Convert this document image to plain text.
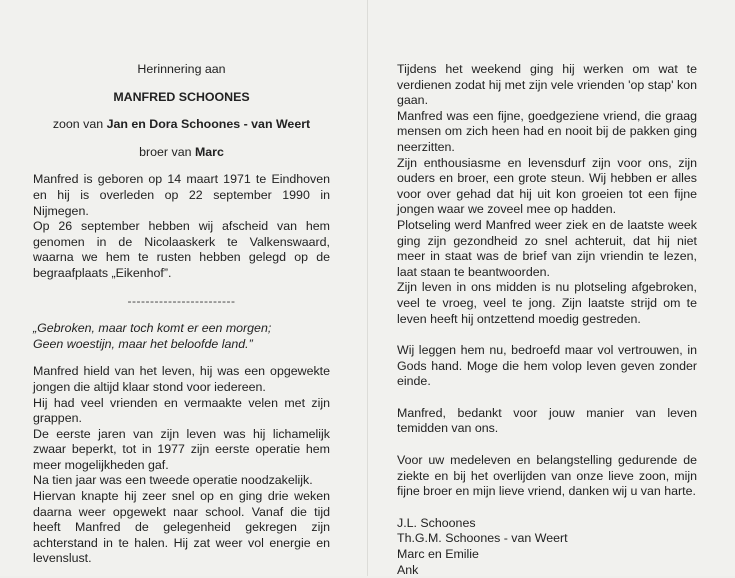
Herinnering aan

MANFRED SCHOONES

zoon van Jan en Dora Schoones - van Weert

broer van Marc

Manfred is geboren op 14 maart 1971 te Eindhoven en hij is overleden op 22 september 1990 in Nijmegen.

Op 26 september hebben wij afscheid van hem genomen in de Nicolaaskerk te Valkenswaard, waarna we hem te rusten hebben gelegd op de begraafplaats „Eikenhof”.

------------------------

„Gebroken, maar toch komt er een morgen;

Geen woestijn, maar het beloofde land.”

Manfred hield van het leven, hij was een opgewekte jongen die altijd klaar stond voor iedereen.

Hij had veel vrienden en vermaakte velen met zijn grappen.

De eerste jaren van zijn leven was hij lichamelijk zwaar beperkt, tot in 1977 zijn eerste operatie hem meer mogelijkheden gaf.

Na tien jaar was een tweede operatie noodzakelijk.

Hiervan knapte hij zeer snel op en ging drie weken daarna weer opgewekt naar school. Vanaf die tijd heeft Manfred de gelegenheid gekregen zijn achterstand in te halen. Hij zat weer vol energie en levenslust.

Tijdens het weekend ging hij werken om wat te verdienen zodat hij met zijn vele vrienden 'op stap' kon gaan.

Manfred was een fijne, goedgeziene vriend, die graag mensen om zich heen had en nooit bij de pakken ging neerzitten.

Zijn enthousiasme en levensdurf zijn voor ons, zijn ouders en broer, een grote steun. Wij hebben er alles voor over gehad dat hij uit kon groeien tot een fijne jongen waar we zoveel mee op hadden.

Plotseling werd Manfred weer ziek en de laatste week ging zijn gezondheid zo snel achteruit, dat hij niet meer in staat was de brief van zijn vriendin te lezen, laat staan te beantwoorden.

Zijn leven in ons midden is nu plotseling afgebroken, veel te vroeg, veel te jong. Zijn laatste strijd om te leven heeft hij ontzettend moedig gestreden.

Wij leggen hem nu, bedroefd maar vol vertrouwen, in Gods hand. Moge die hem volop leven geven zonder einde.

Manfred, bedankt voor jouw manier van leven temidden van ons.

Voor uw medeleven en belangstelling gedurende de ziekte en bij het overlijden van onze lieve zoon, mijn fijne broer en mijn lieve vriend, danken wij u van harte.

J.L. Schoones

Th.G.M. Schoones - van Weert

Marc en Emilie

Ank
